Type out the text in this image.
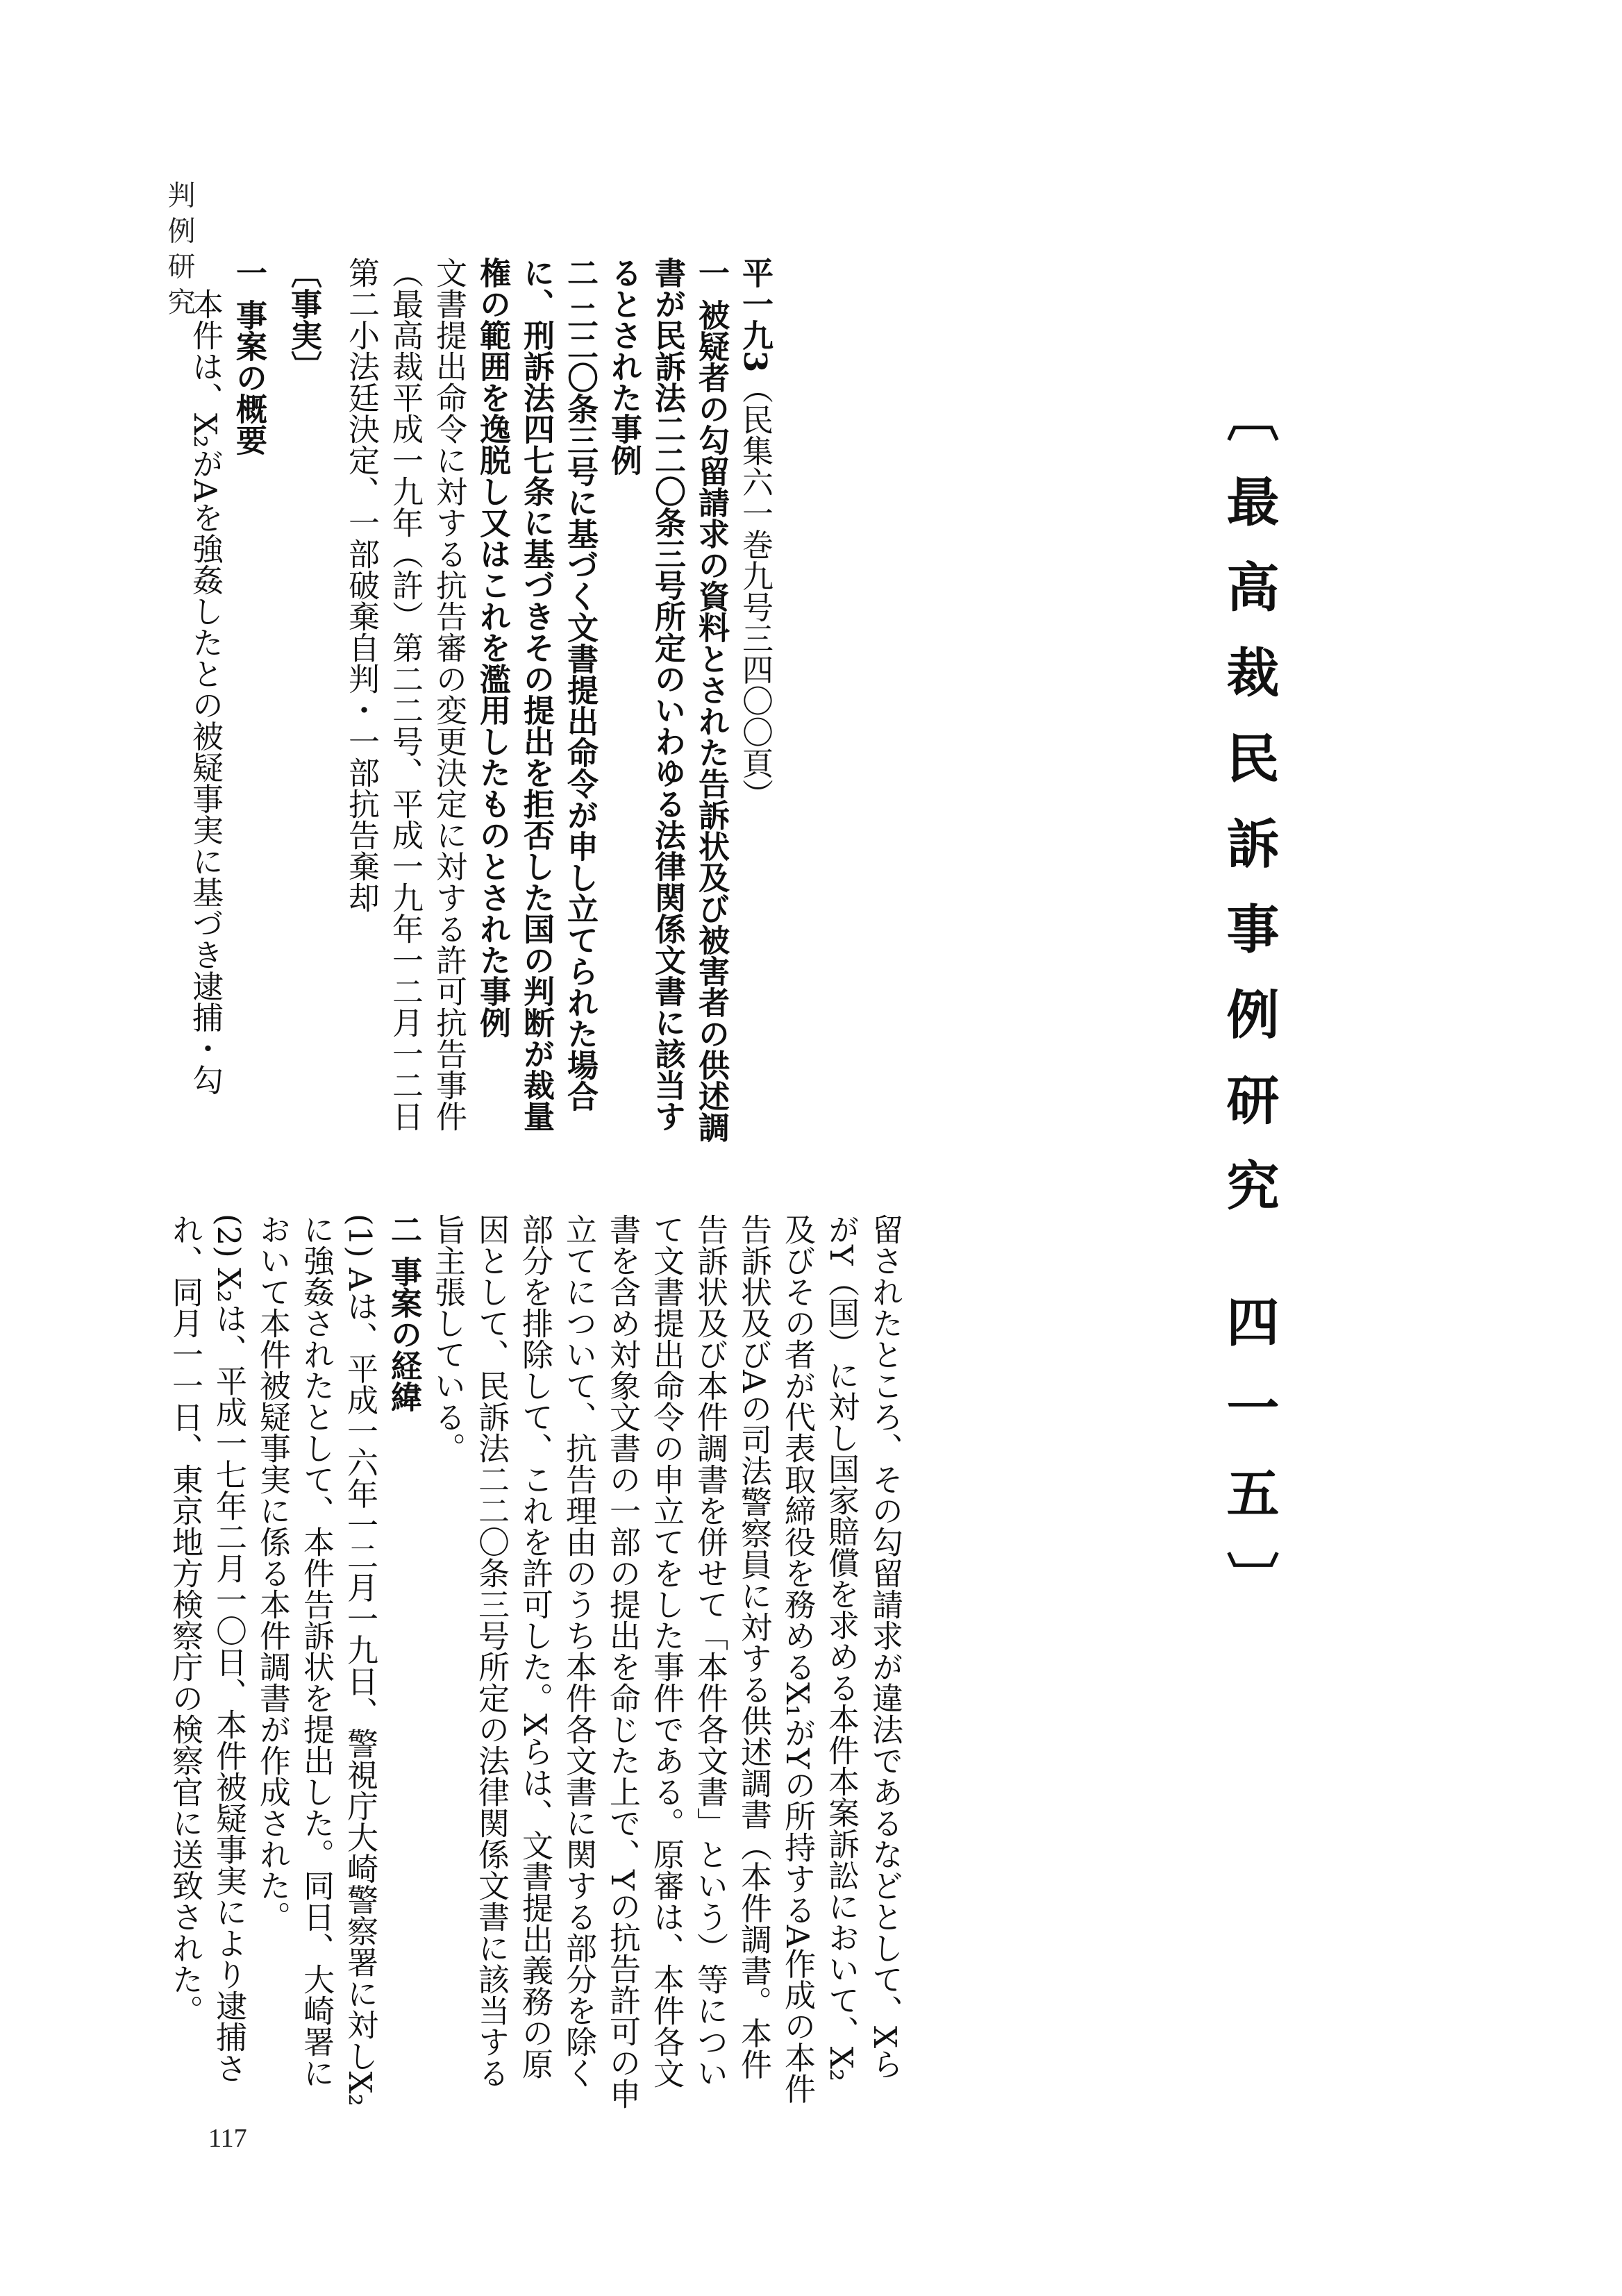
判例研究
〔最高裁民訴事例研究 四一五〕
平一九3（民集六一巻九号三四〇〇頁）
一 被疑者の勾留請求の資料とされた告訴状及び被害者の供述調書が民訴法二二〇条三号所定のいわゆる法律関係文書に該当するとされた事例
二 二二〇条三号に基づく文書提出命令が申し立てられた場合に、刑訴法四七条に基づきその提出を拒否した国の判断が裁量権の範囲を逸脱し又はこれを濫用したものとされた事例
文書提出命令に対する抗告審の変更決定に対する許可抗告事件（最高裁平成一九年（許）第二二号、平成一九年一二月一二日第二小法廷決定、一部破棄自判・一部抗告棄却
〔事実〕
一 事案の概要
本件は、X₂がAを強姦したとの被疑事実に基づき逮捕・勾
留されたところ、その勾留請求が違法であるなどとして、XらがY（国）に対し国家賠償を求める本件本案訴訟において、X₂及びその者が代表取締役を務めるX₁がYの所持するA作成の本件告訴状及びAの司法警察員に対する供述調書（本件調書。本件告訴状及び本件調書を併せて「本件各文書」という）等について文書提出命令の申立てをした事件である。原審は、本件各文書を含め対象文書の一部の提出を命じた上で、Yの抗告許可の申立てについて、抗告理由のうち本件各文書に関する部分を除く部分を排除して、これを許可した。Xらは、文書提出義務の原因として、民訴法二二〇条三号所定の法律関係文書に該当する旨主張している。
二 事案の経緯
(1) Aは、平成一六年一二月一九日、警視庁大崎警察署に対しX₂に強姦されたとして、本件告訴状を提出した。同日、大崎署において本件被疑事実に係る本件調書が作成された。
(2) X₂は、平成一七年二月一〇日、本件被疑事実により逮捕され、同月一一日、東京地方検察庁の検察官に送致された。
117
